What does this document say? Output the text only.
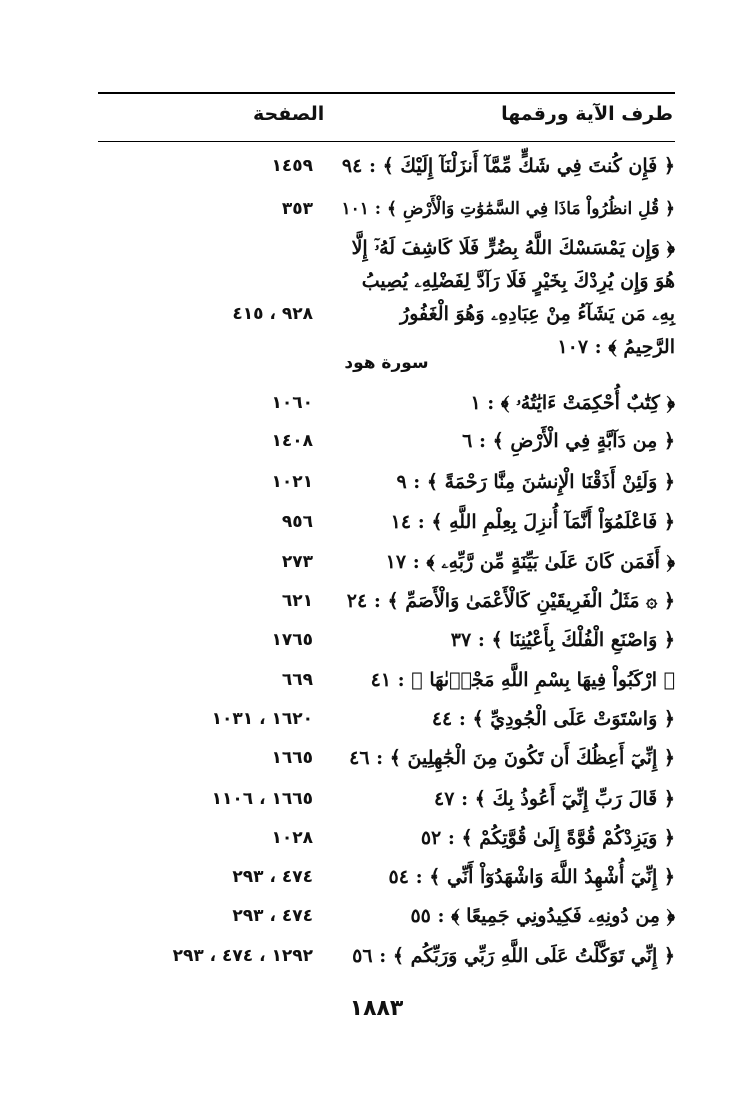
طرف الآية ورقمها
الصفحة
﴿ فَإِن كُنتَ فِي شَكٍّ مِّمَّآ أَنزَلْنَآ إِلَيْكَ ﴾ : ٩٤
١٤٥٩
﴿ قُلِ انظُرُواْ مَاذَا فِي السَّمَٰوَٰتِ وَالْأَرْضِ ﴾ : ١٠١
٣٥٣
﴿ وَإِن يَمْسَسْكَ اللَّهُ بِضُرٍّ فَلَا كَاشِفَ لَهُۥٓ إِلَّا هُوَ وَإِن يُرِدْكَ بِخَيْرٍ فَلَا رَآدَّ لِفَضْلِهِۦ يُصِيبُ بِهِۦ مَن يَشَآءُ مِنْ عِبَادِهِۦ وَهُوَ الْغَفُورُ الرَّحِيمُ ﴾ : ١٠٧
٩٢٨ ، ٤١٥
سورة هود
﴿ كِتَٰبٌ أُحْكِمَتْ ءَايَٰتُهُۥ ﴾ : ١
١٠٦٠
﴿ مِن دَآبَّةٍ فِي الْأَرْضِ ﴾ : ٦
١٤٠٨
﴿ وَلَئِنْ أَذَقْنَا الْإِنسَٰنَ مِنَّا رَحْمَةً ﴾ : ٩
١٠٢١
﴿ فَاعْلَمُوٓاْ أَنَّمَآ أُنزِلَ بِعِلْمِ اللَّهِ ﴾ : ١٤
٩٥٦
﴿ أَفَمَن كَانَ عَلَىٰ بَيِّنَةٍ مِّن رَّبِّهِۦ ﴾ : ١٧
٢٧٣
﴿ ۞ مَثَلُ الْفَرِيقَيْنِ كَالْأَعْمَىٰ وَالْأَصَمِّ ﴾ : ٢٤
٦٢١
﴿ وَاصْنَعِ الْفُلْكَ بِأَعْيُنِنَا ﴾ : ٣٧
١٧٦٥
﴿ ارْكَبُواْ فِيهَا بِسْمِ اللَّهِ مَجْرٜىٰهَا ﴾ : ٤١
٦٦٩
﴿ وَاسْتَوَتْ عَلَى الْجُودِيِّ ﴾ : ٤٤
١٦٢٠ ، ١٠٣١
﴿ إِنِّيٓ أَعِظُكَ أَن تَكُونَ مِنَ الْجَٰهِلِينَ ﴾ : ٤٦
١٦٦٥
﴿ قَالَ رَبِّ إِنِّيٓ أَعُوذُ بِكَ ﴾ : ٤٧
١٦٦٥ ، ١١٠٦
﴿ وَيَزِدْكُمْ قُوَّةً إِلَىٰ قُوَّتِكُمْ ﴾ : ٥٢
١٠٢٨
﴿ إِنِّيٓ أُشْهِدُ اللَّهَ وَاشْهَدُوٓاْ أَنِّي ﴾ : ٥٤
٤٧٤ ، ٢٩٣
﴿ مِن دُونِهِۦ فَكِيدُونِي جَمِيعًا ﴾ : ٥٥
٤٧٤ ، ٢٩٣
﴿ إِنِّي تَوَكَّلْتُ عَلَى اللَّهِ رَبِّي وَرَبِّكُم ﴾ : ٥٦
١٢٩٢ ، ٤٧٤ ، ٢٩٣
١٨٨٣
